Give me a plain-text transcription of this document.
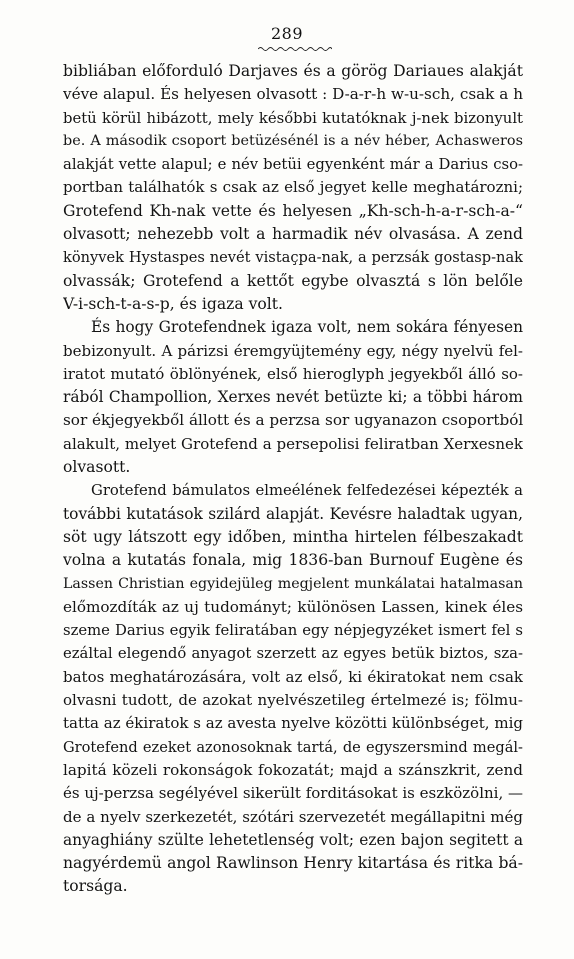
289
bibliában előforduló Darjaves és a görög Dariaues alakját
véve alapul. És helyesen olvasott : D-a-r-h w-u-sch, csak a h
betü körül hibázott, mely későbbi kutatóknak j-nek bizonyult
be. A második csoport betüzésénél is a név héber, Achasweros
alakját vette alapul; e név betüi egyenként már a Darius cso-
portban találhatók s csak az első jegyet kelle meghatározni;
Grotefend Kh-nak vette és helyesen „Kh-sch-h-a-r-sch-a-“
olvasott; nehezebb volt a harmadik név olvasása. A zend
könyvek Hystaspes nevét vistaçpa-nak, a perzsák gostasp-nak
olvassák; Grotefend a kettőt egybe olvasztá s lön belőle
V-i-sch-t-a-s-p, és igaza volt.
És hogy Grotefendnek igaza volt, nem sokára fényesen
bebizonyult. A párizsi éremgyüjtemény egy, négy nyelvü fel-
iratot mutató öblönyének, első hieroglyph jegyekből álló so-
rából Champollion, Xerxes nevét betüzte ki; a többi három
sor ékjegyekből állott és a perzsa sor ugyanazon csoportból
alakult, melyet Grotefend a persepolisi feliratban Xerxesnek
olvasott.
Grotefend bámulatos elmeélének felfedezései képezték a
további kutatások szilárd alapját. Kevésre haladtak ugyan,
söt ugy látszott egy időben, mintha hirtelen félbeszakadt
volna a kutatás fonala, mig 1836-ban Burnouf Eugène és
Lassen Christian egyidejüleg megjelent munkálatai hatalmasan
előmozdíták az uj tudományt; különösen Lassen, kinek éles
szeme Darius egyik feliratában egy népjegyzéket ismert fel s
ezáltal elegendő anyagot szerzett az egyes betük biztos, sza-
batos meghatározására, volt az első, ki ékiratokat nem csak
olvasni tudott, de azokat nyelvészetileg értelmezé is; fölmu-
tatta az ékiratok s az avesta nyelve közötti különbséget, mig
Grotefend ezeket azonosoknak tartá, de egyszersmind megál-
lapitá közeli rokonságok fokozatát; majd a szánszkrit, zend
és uj-perzsa segélyével sikerült forditásokat is eszközölni, —
de a nyelv szerkezetét, szótári szervezetét megállapitni még
anyaghiány szülte lehetetlenség volt; ezen bajon segitett a
nagyérdemü angol Rawlinson Henry kitartása és ritka bá-
torsága.
